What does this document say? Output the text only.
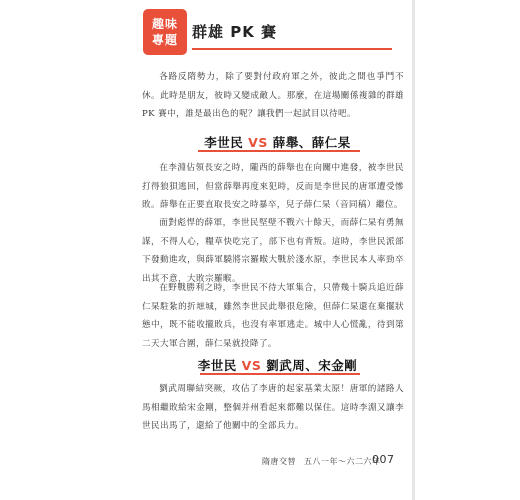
趣味
專題 群雄 PK 賽
各路反隋勢力，除了要對付政府軍之外，彼此之間也爭鬥不休。此時是朋友，彼時又變成敵人。那麼，在這場關係複雜的群雄 PK 賽中，誰是最出色的呢？讓我們一起試目以待吧。
李世民 VS 薛舉、薛仁杲
在李淵佔領長安之時，隴西的薛舉也在向關中進發，被李世民打得狼狽逃回，但當薛舉再度來犯時，反而是李世民的唐軍遭受慘敗。薛舉在正要直取長安之時暴卒，兒子薛仁杲（音同稿）繼位。
面對彪悍的薛軍，李世民堅壁不戰六十餘天，而薛仁杲有勇無謀，不得人心，糧草快吃完了，部下也有背叛。這時，李世民派部下發動進攻，與薛軍驍將宗羅睺大戰於淺水原，李世民本人率勁卒出其不意，大敗宗羅睺。
在野戰勝利之時，李世民不待大軍集合，只帶幾十騎兵追近薛仁杲駐紮的折墌城，雖然李世民此舉很危險，但薛仁杲還在棄擺狀態中，既不能收攏敗兵，也沒有率軍逃走。城中人心慌亂，待到第二天大軍合圍，薛仁杲就投降了。
李世民 VS 劉武周、宋金剛
劉武周聯結突厥，攻佔了李唐的起家基業太原！唐軍的諸路人馬相繼敗給宋金剛，整個并州看起來都難以保住。這時李淵又讓李世民出馬了，還給了他關中的全部兵力。
隋唐交替 五八一年～六二六年
007
